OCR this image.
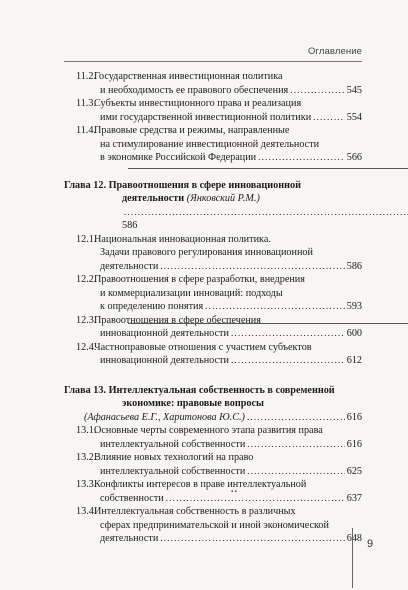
Оглавление
11.2.
Государственная инвестиционная политика
и необходимость ее правового обеспечения .....	545
11.3.
Субъекты инвестиционного права и реализация
ими государственной инвестиционной политики .....	554
11.4.
Правовые средства и режимы, направленные
на стимулирование инвестиционной деятельности
в экономике Российской Федерации .....	566
Глава 12. Правоотношения в сфере инновационной
деятельности (Янковский Р.М.) ..... 586
12.1.
Национальная инновационная политика.
Задачи правового регулирования инновационной
деятельности .....	586
12.2.
Правоотношения в сфере разработки, внедрения
и коммерциализации инноваций: подходы
к определению понятия .....	593
12.3.
Правоотношения в сфере обеспечения
инновационной деятельности .....	600
12.4.
Частноправовые отношения с участием субъектов
инновационной деятельности .....	612
Глава 13. Интеллектуальная собственность в современной
экономике: правовые вопросы
(Афанасьева Е.Г., Харитонова Ю.С.) .....	616
13.1.
Основные черты современного этапа развития права
интеллектуальной собственности .....	616
13.2.
Влияние новых технологий на право
интеллектуальной собственности .....	625
13.3.
Конфликты интересов в праве интеллектуальной
собственности .....	637
13.4.
Интеллектуальная собственность в различных
сферах предпринимательской и иной экономической
деятельности .....	648
▪ ▪
9
